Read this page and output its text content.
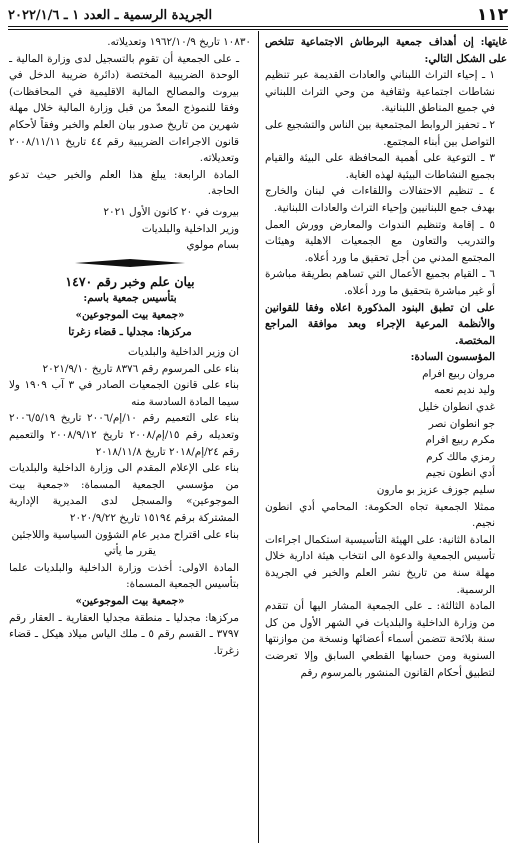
١١٢
الجريدة الرسمية ـ العدد ١ ـ ٢٠٢٢/١/٦

غايتها: إن أهداف جمعية البرطاش الاجتماعية تتلخص على الشكل التالي:

١ ـ إحياء التراث اللبناني والعادات القديمة عبر تنظيم نشاطات اجتماعية وثقافية من وحي التراث اللبناني في جميع المناطق اللبنانية.

٢ ـ تحفيز الروابط المجتمعية بين الناس والتشجيع على التواصل بين أبناء المجتمع.

٣ ـ التوعية على أهمية المحافظة على البيئة والقيام بجميع النشاطات البيئية لهذه الغاية.

٤ ـ تنظيم الاحتفالات واللقاءات في لبنان والخارج بهدف جمع اللبنانيين وإحياء التراث والعادات اللبنانية.

٥ ـ إقامة وتنظيم الندوات والمعارض وورش العمل والتدريب والتعاون مع الجمعيات الاهلية وهيئات المجتمع المدني من أجل تحقيق ما ورد أعلاه.

٦ ـ القيام بجميع الأعمال التي تساهم بطريقة مباشرة أو غير مباشرة بتحقيق ما ورد أعلاه.

على ان تطبق البنود المذكورة اعلاه وفقا للقوانين والأنظمة المرعية الإجراء وبعد موافقة المراجع المختصة.

المؤسسون السادة:

مروان ربيع افرام

وليد نديم نعمه

غدي انطوان خليل

جو انطوان نصر

مكرم ربيع افرام

رمزي مالك كرم

أدي انطون نجيم

سليم جوزف عزيز بو مارون

ممثلا الجمعية تجاه الحكومة: المحامي أدي انطون نجيم.

المادة الثانية: على الهيئة التأسيسية استكمال اجراءات تأسيس الجمعية والدعوة الى انتخاب هيئة ادارية خلال مهلة سنة من تاريخ نشر العلم والخبر في الجريدة الرسمية.

المادة الثالثة: ـ على الجمعية المشار اليها أن تتقدم من وزارة الداخلية والبلديات في الشهر الأول من كل سنة بلائحة تتضمن أسماء أعضائها ونسخة من موازنتها السنوية ومن حسابها القطعي السابق وإلا تعرضت لتطبيق أحكام القانون المنشور بالمرسوم رقم

١٠٨٣٠ تاريخ ١٩٦٢/١٠/٩ وتعديلاته.

ـ على الجمعية أن تقوم بالتسجيل لدى وزارة المالية ـ الوحدة الضريبية المختصة (دائرة ضريبة الدخل في بيروت والمصالح المالية الاقليمية في المحافظات) وفقا للنموذج المعدّ من قبل وزارة المالية خلال مهلة شهرين من تاريخ صدور بيان العلم والخبر وفقاً لأحكام قانون الاجراءات الضريبية رقم ٤٤ تاريخ ٢٠٠٨/١١/١١ وتعديلاته.

المادة الرابعة: يبلغ هذا العلم والخبر حيث تدعو الحاجة.

بيروت في ٢٠ كانون الأول ٢٠٢١

وزير الداخلية والبلديات

بسام مولوي

بيان علم وخبر رقم ١٤٧٠

بتأسيس جمعية باسم:

«جمعية بيت الموجوعين»

مركزها: مجدليا ـ قضاء زغرتا

ان وزير الداخلية والبلديات

بناء على المرسوم رقم ٨٣٧٦ تاريخ ٢٠٢١/٩/١٠

بناء على قانون الجمعيات الصادر في ٣ آب ١٩٠٩ ولا سيما المادة السادسة منه

بناء على التعميم رقم ١٠/إم/٢٠٠٦ تاريخ ٢٠٠٦/٥/١٩ وتعديله رقم ١٥/إم/٢٠٠٨ تاريخ ٢٠٠٨/٩/١٢ والتعميم رقم ٢٤/إم/٢٠١٨ تاريخ ٢٠١٨/١١/٨

بناء على الإعلام المقدم الى وزارة الداخلية والبلديات من مؤسسي الجمعية المسماة: «جمعية بيت الموجوعين» والمسجل لدى المديرية الإدارية المشتركة برقم ١٥١٩٤ تاريخ ٢٠٢٠/٩/٢٢

بناء على اقتراح مدير عام الشؤون السياسية واللاجئين

يقرر ما يأتي

المادة الاولى: أخذت وزارة الداخلية والبلديات علما بتأسيس الجمعية المسماة:

«جمعية بيت الموجوعين»

مركزها: مجدليا ـ منطقة مجدليا العقارية ـ العقار رقم ٣٧٩٧ ـ القسم رقم ٥ ـ ملك الياس ميلاد هيكل ـ قضاء زغرتا.
